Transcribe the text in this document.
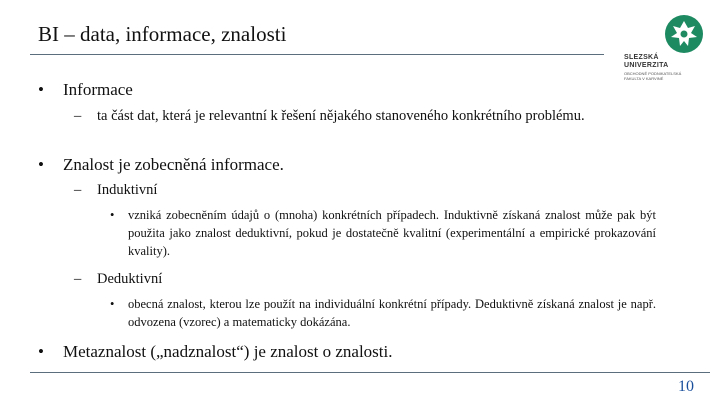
BI – data, informace, znalosti
SLEZSKÁ
UNIVERZITA
OBCHODNĚ PODNIKATELSKÁ
FAKULTA V KARVINÉ
• Informace
– ta část dat, která je relevantní k řešení nějakého stanoveného konkrétního problému.
• Znalost je zobecněná informace.
– Induktivní
• vzniká zobecněním údajů o (mnoha) konkrétních případech. Induktivně získaná znalost může pak být použita jako znalost deduktivní, pokud je dostatečně kvalitní (experimentální a empirické prokazování kvality).
– Deduktivní
• obecná znalost, kterou lze použít na individuální konkrétní případy. Deduktivně získaná znalost je např. odvozena (vzorec) a matematicky dokázána.
• Metaznalost („nadznalost“) je znalost o znalosti.
10
